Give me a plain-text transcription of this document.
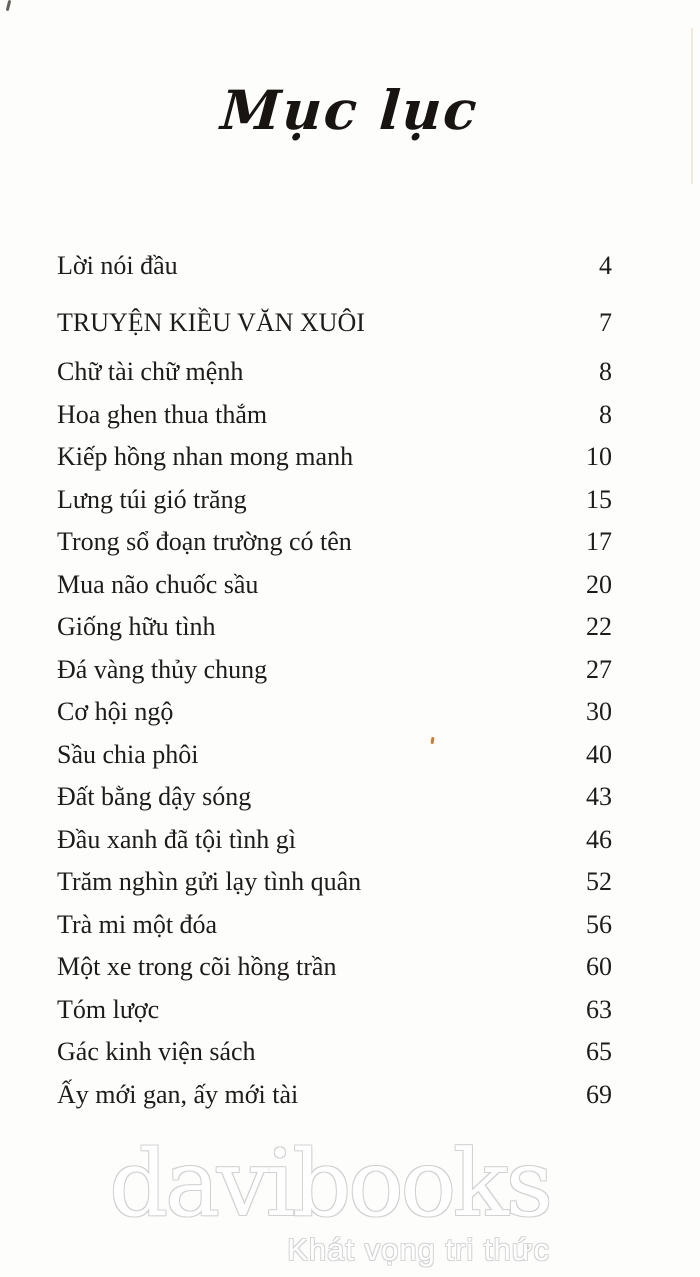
Mục lục
Lời nói đầu	4
TRUYỆN KIỀU VĂN XUÔI	7
Chữ tài chữ mệnh	8
Hoa ghen thua thắm	8
Kiếp hồng nhan mong manh	10
Lưng túi gió trăng	15
Trong sổ đoạn trường có tên	17
Mua não chuốc sầu	20
Giống hữu tình	22
Đá vàng thủy chung	27
Cơ hội ngộ	30
Sầu chia phôi	40
Đất bằng dậy sóng	43
Đầu xanh đã tội tình gì	46
Trăm nghìn gửi lạy tình quân	52
Trà mi một đóa	56
Một xe trong cõi hồng trần	60
Tóm lược	63
Gác kinh viện sách	65
Ấy mới gan, ấy mới tài	69
davibooks
Khát vọng tri thức
